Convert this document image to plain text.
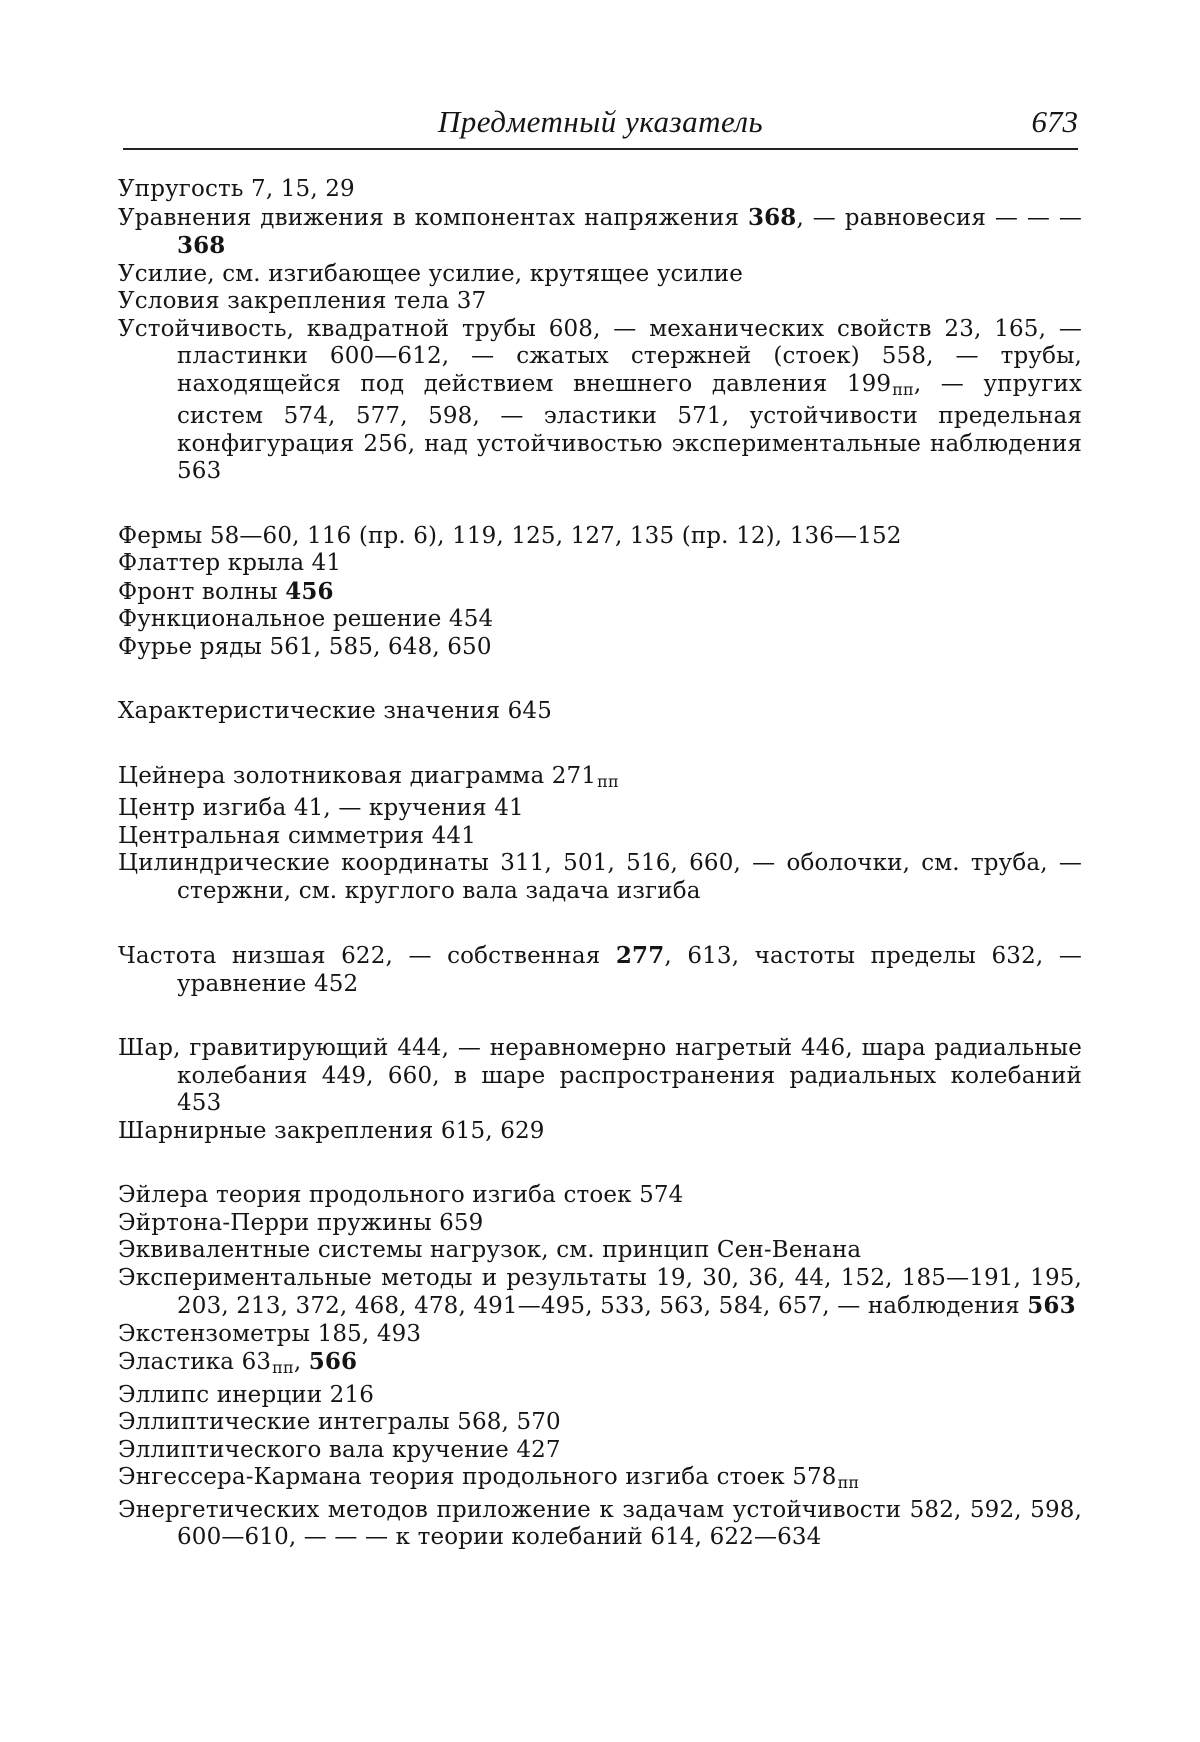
Предметный указатель	673

Упругость 7, 15, 29

Уравнения движения в компонентах напряжения 368, — равновесия — — — 368

Усилие, см. изгибающее усилие, крутящее усилие

Условия закрепления тела 37

Устойчивость, квадратной трубы 608, — механических свойств 23, 165, — пластинки 600—612, — сжатых стержней (стоек) 558, — трубы, находящейся под действием внешнего давления $199_{пп}$, — упругих систем 574, 577, 598, — эластики 571, устойчивости предельная конфигурация 256, над устойчивостью экспериментальные наблюдения 563

Фермы 58—60, 116 (пр. 6), 119, 125, 127, 135 (пр. 12), 136—152

Флаттер крыла 41

Фронт волны 456

Функциональное решение 454

Фурье ряды 561, 585, 648, 650

Характеристические значения 645

Цейнера золотниковая диаграмма $271_{пп}$

Центр изгиба 41, — кручения 41

Центральная симметрия 441

Цилиндрические координаты 311, 501, 516, 660, — оболочки, см. труба, — стержни, см. круглого вала задача изгиба

Частота низшая 622, — собственная 277, 613, частоты пределы 632, — уравнение 452

Шар, гравитирующий 444, — неравномерно нагретый 446, шара радиальные колебания 449, 660, в шаре распространения радиальных колебаний 453

Шарнирные закрепления 615, 629

Эйлера теория продольного изгиба стоек 574

Эйртона-Перри пружины 659

Эквивалентные системы нагрузок, см. принцип Сен-Венана

Экспериментальные методы и результаты 19, 30, 36, 44, 152, 185—191, 195, 203, 213, 372, 468, 478, 491—495, 533, 563, 584, 657, — наблюдения 563

Экстензометры 185, 493

Эластика $63_{пп}$, 566

Эллипс инерции 216

Эллиптические интегралы 568, 570

Эллиптического вала кручение 427

Энгессера-Кармана теория продольного изгиба стоек $578_{пп}$

Энергетических методов приложение к задачам устойчивости 582, 592, 598, 600—610, — — — к теории колебаний 614, 622—634
